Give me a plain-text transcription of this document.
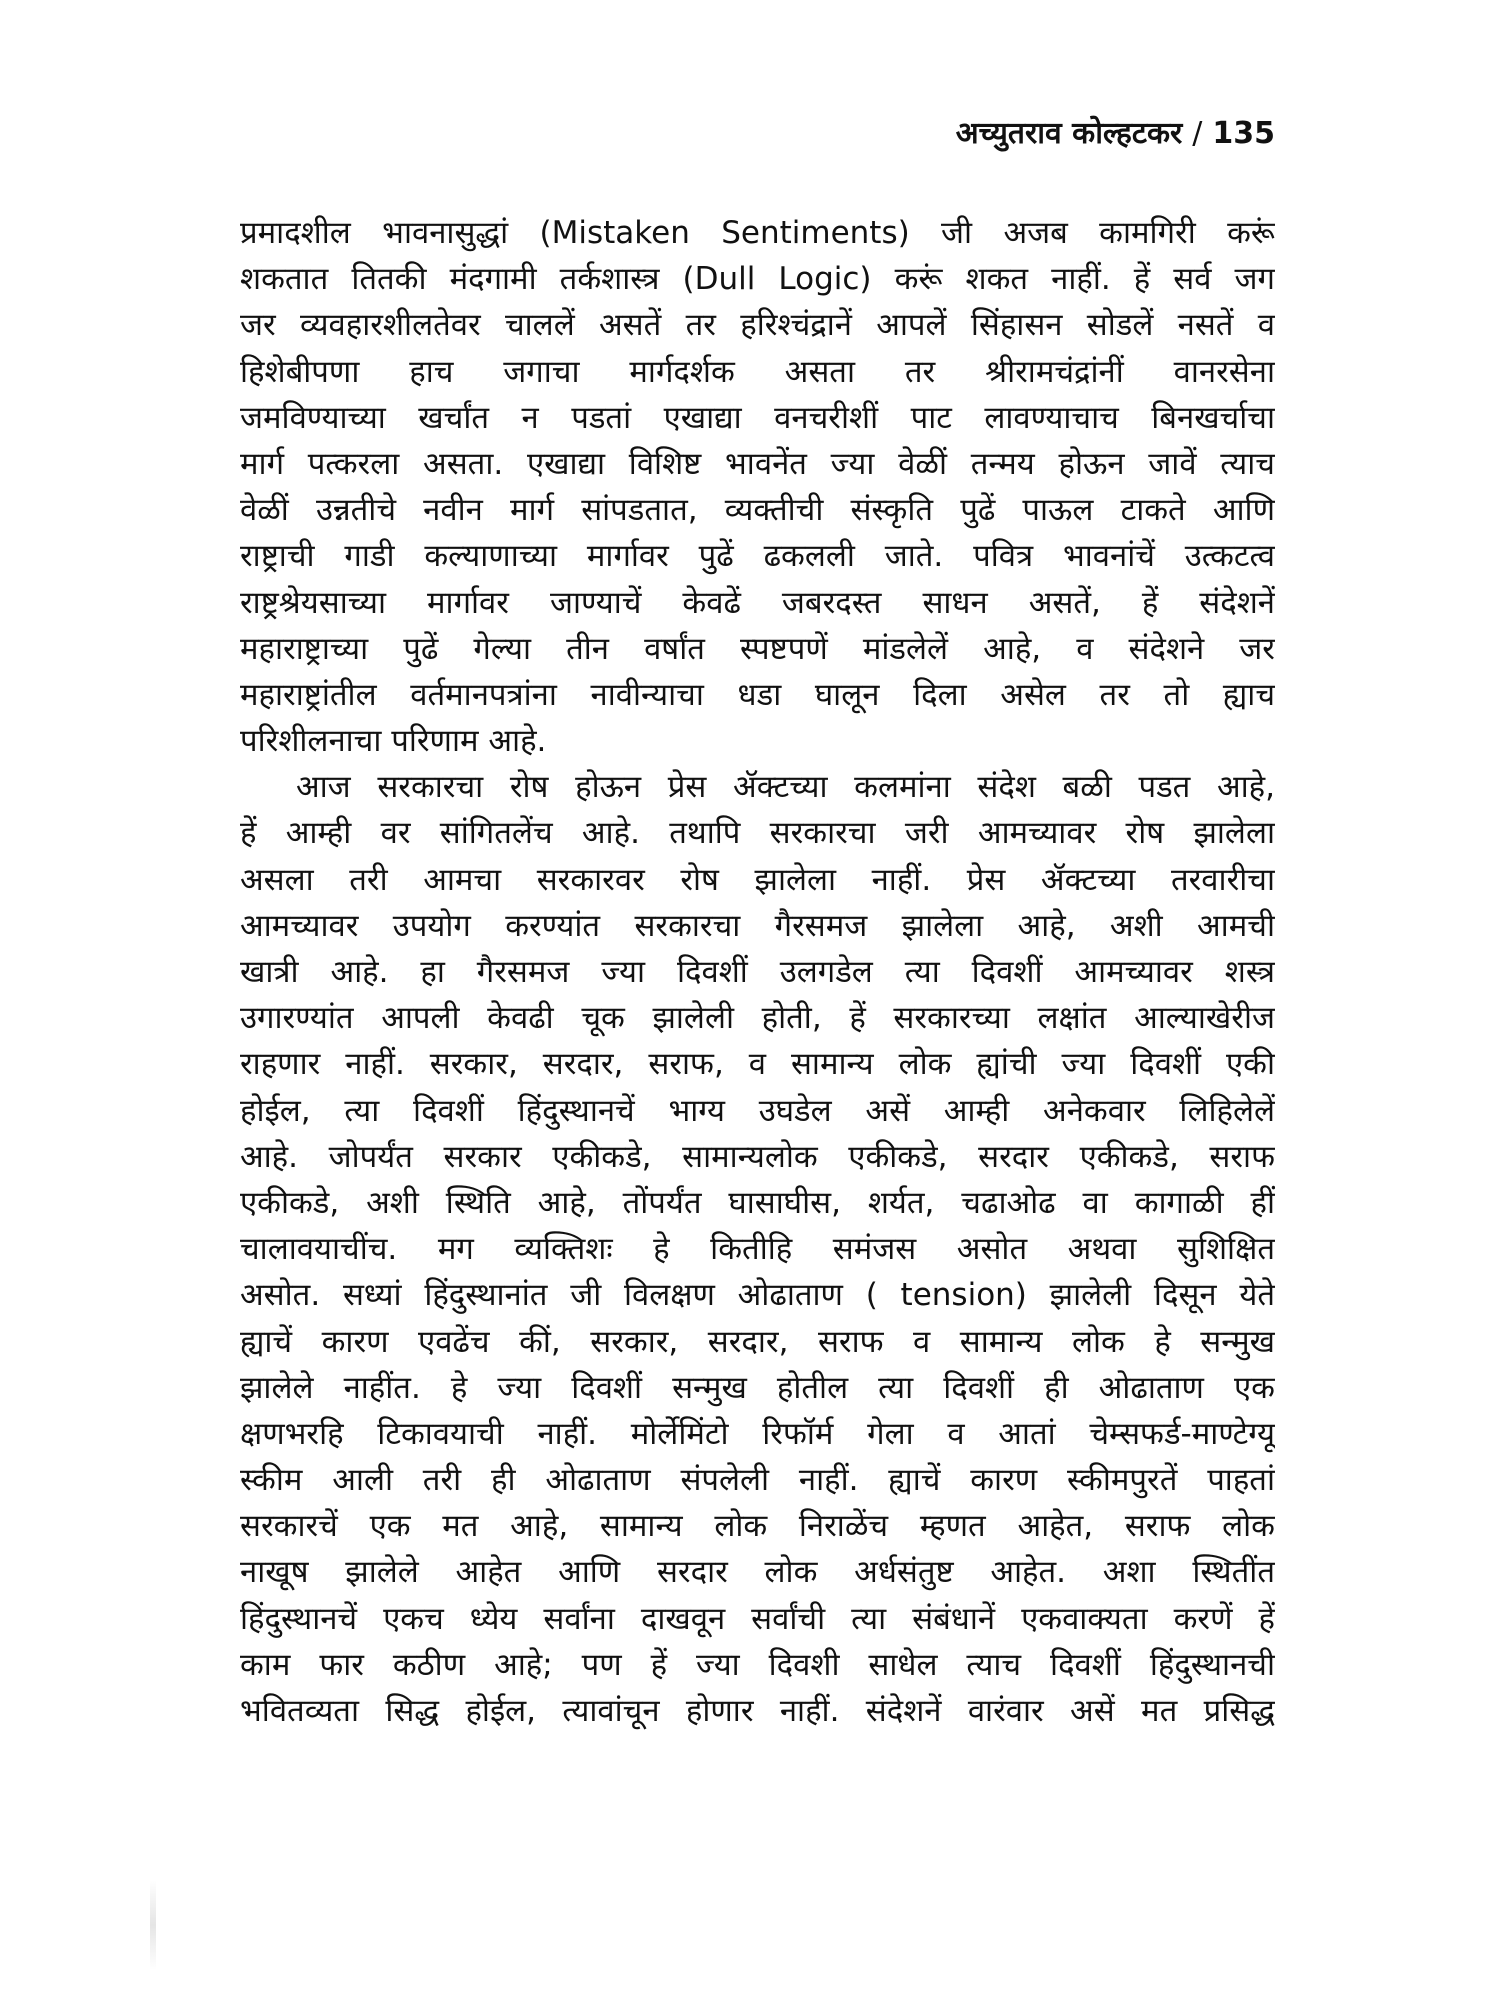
अच्युतराव कोल्हटकर / 135
प्रमादशील भावनासुद्धां (Mistaken Sentiments) जी अजब कामगिरी करूं
शकतात तितकी मंदगामी तर्कशास्त्र (Dull Logic) करूं शकत नाहीं. हें सर्व जग
जर व्यवहारशीलतेवर चाललें असतें तर हरिश्चंद्रानें आपलें सिंहासन सोडलें नसतें व
हिशेबीपणा हाच जगाचा मार्गदर्शक असता तर श्रीरामचंद्रांनीं वानरसेना
जमविण्याच्या खर्चांत न पडतां एखाद्या वनचरीशीं पाट लावण्याचाच बिनखर्चाचा
मार्ग पत्करला असता. एखाद्या विशिष्ट भावनेंत ज्या वेळीं तन्मय होऊन जावें त्याच
वेळीं उन्नतीचे नवीन मार्ग सांपडतात, व्यक्तीची संस्कृति पुढें पाऊल टाकते आणि
राष्ट्राची गाडी कल्याणाच्या मार्गावर पुढें ढकलली जाते. पवित्र भावनांचें उत्कटत्व
राष्ट्रश्रेयसाच्या मार्गावर जाण्याचें केवढें जबरदस्त साधन असतें, हें संदेशनें
महाराष्ट्राच्या पुढें गेल्या तीन वर्षांत स्पष्टपणें मांडलेलें आहे, व संदेशने जर
महाराष्ट्रांतील वर्तमानपत्रांना नावीन्याचा धडा घालून दिला असेल तर तो ह्याच
परिशीलनाचा परिणाम आहे.
आज सरकारचा रोष होऊन प्रेस ॲक्टच्या कलमांना संदेश बळी पडत आहे,
हें आम्ही वर सांगितलेंच आहे. तथापि सरकारचा जरी आमच्यावर रोष झालेला
असला तरी आमचा सरकारवर रोष झालेला नाहीं. प्रेस ॲक्टच्या तरवारीचा
आमच्यावर उपयोग करण्यांत सरकारचा गैरसमज झालेला आहे, अशी आमची
खात्री आहे. हा गैरसमज ज्या दिवशीं उलगडेल त्या दिवशीं आमच्यावर शस्त्र
उगारण्यांत आपली केवढी चूक झालेली होती, हें सरकारच्या लक्षांत आल्याखेरीज
राहणार नाहीं. सरकार, सरदार, सराफ, व सामान्य लोक ह्यांची ज्या दिवशीं एकी
होईल, त्या दिवशीं हिंदुस्थानचें भाग्य उघडेल असें आम्ही अनेकवार लिहिलेलें
आहे. जोपर्यंत सरकार एकीकडे, सामान्यलोक एकीकडे, सरदार एकीकडे, सराफ
एकीकडे, अशी स्थिति आहे, तोंपर्यंत घासाघीस, शर्यत, चढाओढ वा कागाळी हीं
चालावयाचींच. मग व्यक्तिशः हे कितीहि समंजस असोत अथवा सुशिक्षित
असोत. सध्यां हिंदुस्थानांत जी विलक्षण ओढाताण ( tension) झालेली दिसून येते
ह्याचें कारण एवढेंच कीं, सरकार, सरदार, सराफ व सामान्य लोक हे सन्मुख
झालेले नाहींत. हे ज्या दिवशीं सन्मुख होतील त्या दिवशीं ही ओढाताण एक
क्षणभरहि टिकावयाची नाहीं. मोर्लेमिंटो रिफॉर्म गेला व आतां चेम्सफर्ड-माण्टेग्यू
स्कीम आली तरी ही ओढाताण संपलेली नाहीं. ह्याचें कारण स्कीमपुरतें पाहतां
सरकारचें एक मत आहे, सामान्य लोक निराळेंच म्हणत आहेत, सराफ लोक
नाखूष झालेले आहेत आणि सरदार लोक अर्धसंतुष्ट आहेत. अशा स्थितींत
हिंदुस्थानचें एकच ध्येय सर्वांना दाखवून सर्वांची त्या संबंधानें एकवाक्यता करणें हें
काम फार कठीण आहे; पण हें ज्या दिवशी साधेल त्याच दिवशीं हिंदुस्थानची
भवितव्यता सिद्ध होईल, त्यावांचून होणार नाहीं. संदेशनें वारंवार असें मत प्रसिद्ध
